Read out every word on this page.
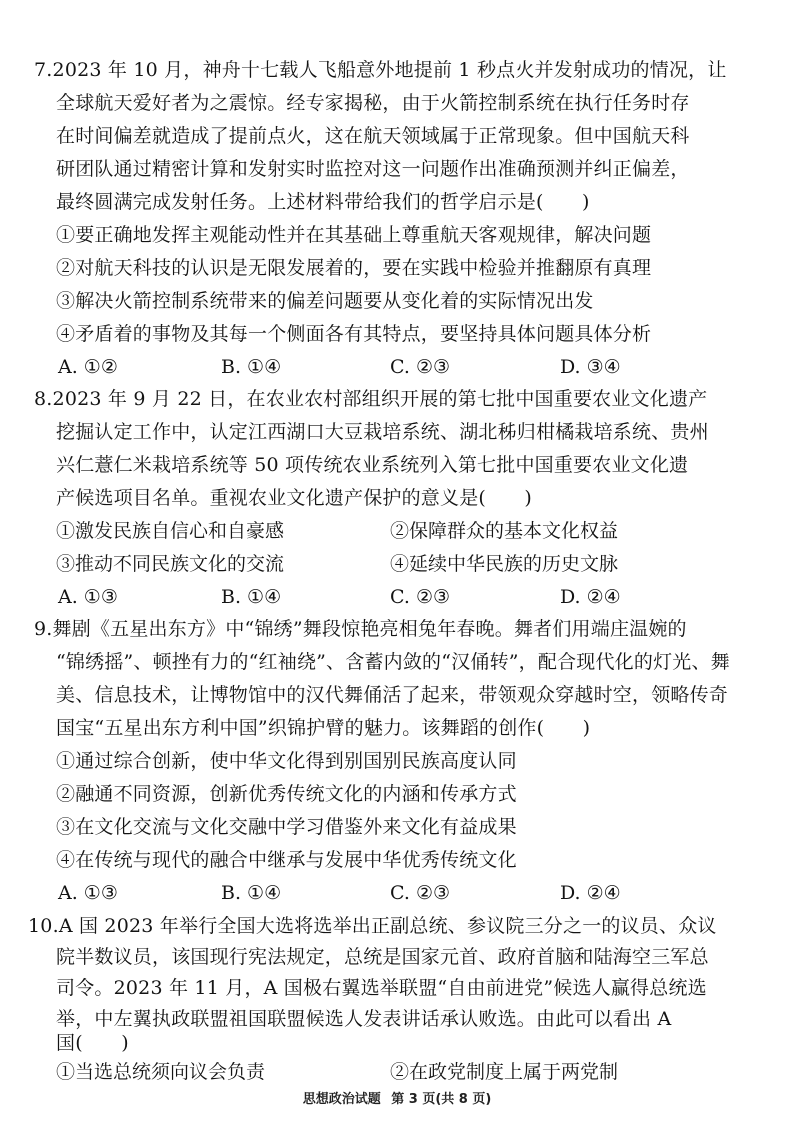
7.2023 年 10 月，神舟十七载人飞船意外地提前 1 秒点火并发射成功的情况，让
全球航天爱好者为之震惊。经专家揭秘，由于火箭控制系统在执行任务时存
在时间偏差就造成了提前点火，这在航天领域属于正常现象。但中国航天科
研团队通过精密计算和发射实时监控对这一问题作出准确预测并纠正偏差，
最终圆满完成发射任务。上述材料带给我们的哲学启示是(　　)
①要正确地发挥主观能动性并在其基础上尊重航天客观规律，解决问题
②对航天科技的认识是无限发展着的，要在实践中检验并推翻原有真理
③解决火箭控制系统带来的偏差问题要从变化着的实际情况出发
④矛盾着的事物及其每一个侧面各有其特点，要坚持具体问题具体分析
A. ①②	B. ①④	C. ②③	D. ③④
8.2023 年 9 月 22 日，在农业农村部组织开展的第七批中国重要农业文化遗产
挖掘认定工作中，认定江西湖口大豆栽培系统、湖北秭归柑橘栽培系统、贵州
兴仁薏仁米栽培系统等 50 项传统农业系统列入第七批中国重要农业文化遗
产候选项目名单。重视农业文化遗产保护的意义是(　　)
①激发民族自信心和自豪感	②保障群众的基本文化权益
③推动不同民族文化的交流	④延续中华民族的历史文脉
A. ①③	B. ①④	C. ②③	D. ②④
9.舞剧《五星出东方》中“锦绣”舞段惊艳亮相兔年春晚。舞者们用端庄温婉的
“锦绣摇”、顿挫有力的“红袖绕”、含蓄内敛的“汉俑转”，配合现代化的灯光、舞
美、信息技术，让博物馆中的汉代舞俑活了起来，带领观众穿越时空，领略传奇
国宝“五星出东方利中国”织锦护臂的魅力。该舞蹈的创作(　　)
①通过综合创新，使中华文化得到别国别民族高度认同
②融通不同资源，创新优秀传统文化的内涵和传承方式
③在文化交流与文化交融中学习借鉴外来文化有益成果
④在传统与现代的融合中继承与发展中华优秀传统文化
A. ①③	B. ①④	C. ②③	D. ②④
10.A 国 2023 年举行全国大选将选举出正副总统、参议院三分之一的议员、众议
院半数议员，该国现行宪法规定，总统是国家元首、政府首脑和陆海空三军总
司令。2023 年 11 月，A 国极右翼选举联盟“自由前进党”候选人赢得总统选
举，中左翼执政联盟祖国联盟候选人发表讲话承认败选。由此可以看出 A
国(　　)
思想政治试题 第 3 页(共 8 页)
①当选总统须向议会负责	②在政党制度上属于两党制
